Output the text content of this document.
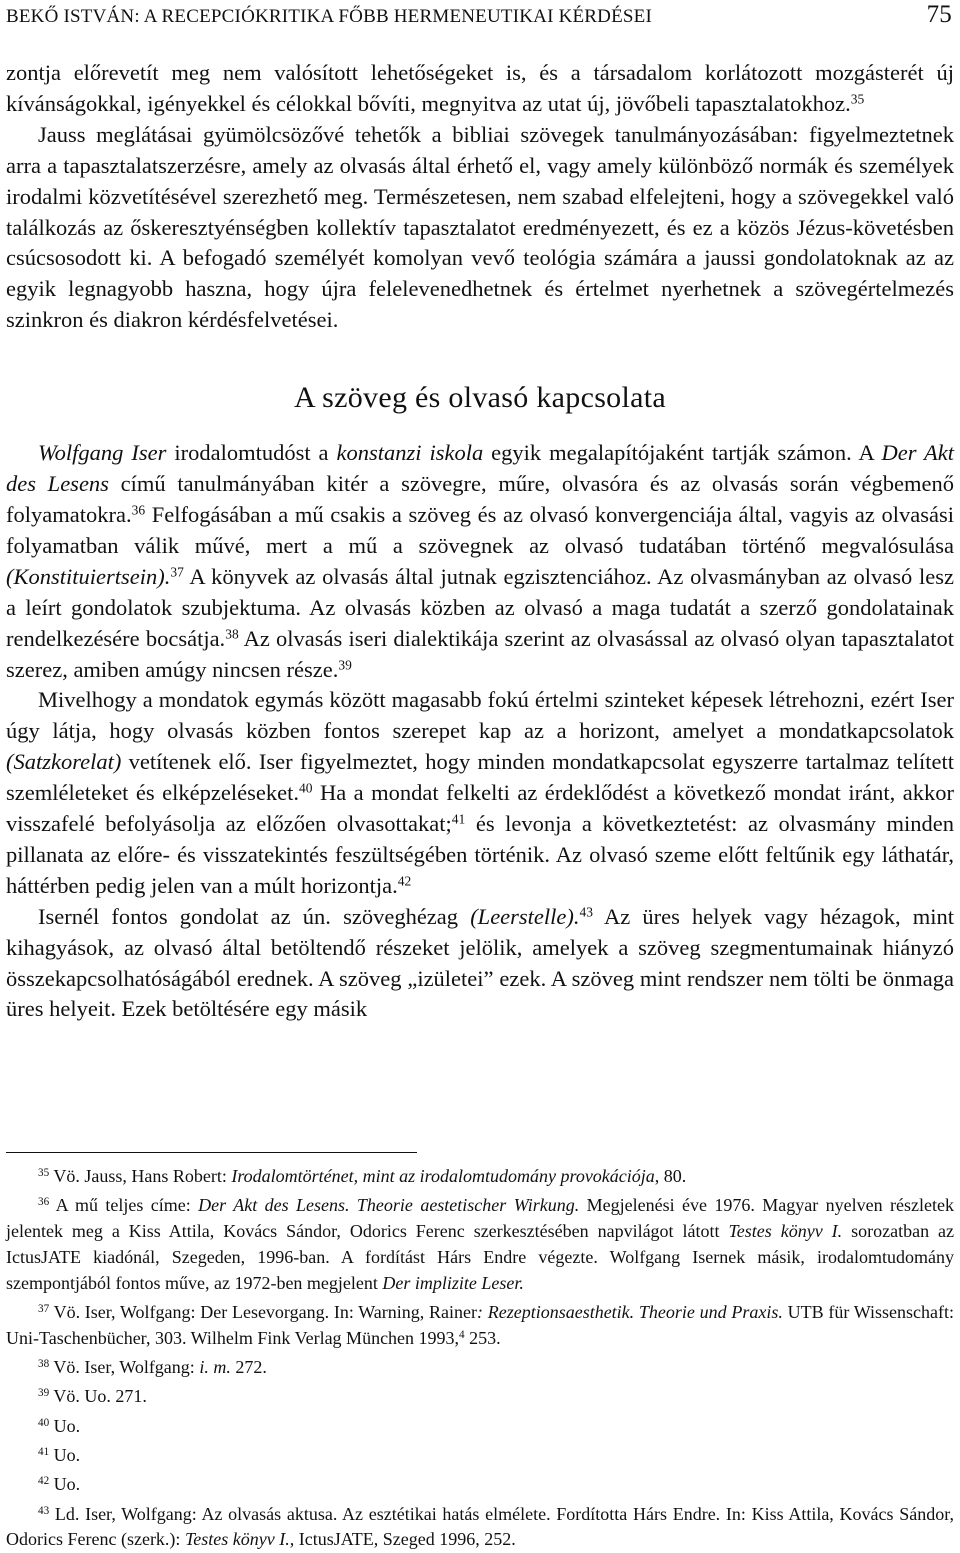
BEKŐ ISTVÁN: A RECEPCIÓKRITIKA FŐBB HERMENEUTIKAI KÉRDÉSEI	75

zontja előrevetít meg nem valósított lehetőségeket is, és a társadalom korlátozott mozgásterét új kívánságokkal, igényekkel és célokkal bővíti, megnyitva az utat új, jövőbeli tapasztalatokhoz.$^{35}$

Jauss meglátásai gyümölcsözővé tehetők a bibliai szövegek tanulmányozásában: figyelmeztetnek arra a tapasztalatszerzésre, amely az olvasás által érhető el, vagy amely különböző normák és személyek irodalmi közvetítésével szerezhető meg. Természetesen, nem szabad elfelejteni, hogy a szövegekkel való találkozás az őskeresztyénségben kollektív tapasztalatot eredményezett, és ez a közös Jézus-követésben csúcsosodott ki. A befogadó személyét komolyan vevő teológia számára a jaussi gondolatoknak az az egyik legnagyobb haszna, hogy újra felelevenedhetnek és értelmet nyerhetnek a szövegértelmezés szinkron és diakron kérdésfelvetései.

A szöveg és olvasó kapcsolata

Wolfgang Iser irodalomtudóst a konstanzi iskola egyik megalapítójaként tartják számon. A Der Akt des Lesens című tanulmányában kitér a szövegre, műre, olvasóra és az olvasás során végbemenő folyamatokra.$^{36}$ Felfogásában a mű csakis a szöveg és az olvasó konvergenciája által, vagyis az olvasási folyamatban válik művé, mert a mű a szövegnek az olvasó tudatában történő megvalósulása (Konstituiertsein).$^{37}$ A könyvek az olvasás által jutnak egzisztenciához. Az olvasmányban az olvasó lesz a leírt gondolatok szubjektuma. Az olvasás közben az olvasó a maga tudatát a szerző gondolatainak rendelkezésére bocsátja.$^{38}$ Az olvasás iseri dialektikája szerint az olvasással az olvasó olyan tapasztalatot szerez, amiben amúgy nincsen része.$^{39}$

Mivelhogy a mondatok egymás között magasabb fokú értelmi szinteket képesek létrehozni, ezért Iser úgy látja, hogy olvasás közben fontos szerepet kap az a horizont, amelyet a mondatkapcsolatok (Satzkorelat) vetítenek elő. Iser figyelmeztet, hogy minden mondatkapcsolat egyszerre tartalmaz telített szemléleteket és elképzeléseket.$^{40}$ Ha a mondat felkelti az érdeklődést a következő mondat iránt, akkor visszafelé befolyásolja az előzően olvasottakat;$^{41}$ és levonja a következtetést: az olvasmány minden pillanata az előre- és visszatekintés feszültségében történik. Az olvasó szeme előtt feltűnik egy láthatár, háttérben pedig jelen van a múlt horizontja.$^{42}$

Isernél fontos gondolat az ún. szöveghézag (Leerstelle).$^{43}$ Az üres helyek vagy hézagok, mint kihagyások, az olvasó által betöltendő részeket jelölik, amelyek a szöveg szegmentumainak hiányzó összekapcsolhatóságából erednek. A szöveg „izületei” ezek. A szöveg mint rendszer nem tölti be önmaga üres helyeit. Ezek betöltésére egy másik

$^{35}$ Vö. Jauss, Hans Robert: Irodalomtörténet, mint az irodalomtudomány provokációja, 80.

$^{36}$ A mű teljes címe: Der Akt des Lesens. Theorie aestetischer Wirkung. Megjelenési éve 1976. Magyar nyelven részletek jelentek meg a Kiss Attila, Kovács Sándor, Odorics Ferenc szerkesztésében napvilágot látott Testes könyv I. sorozatban az IctusJATE kiadónál, Szegeden, 1996-ban. A fordítást Hárs Endre végezte. Wolfgang Isernek másik, irodalomtudomány szempontjából fontos műve, az 1972-ben megjelent Der implizite Leser.

$^{37}$ Vö. Iser, Wolfgang: Der Lesevorgang. In: Warning, Rainer: Rezeptionsaesthetik. Theorie und Praxis. UTB für Wissenschaft: Uni-Taschenbücher, 303. Wilhelm Fink Verlag München 1993,$^4$ 253.

$^{38}$ Vö. Iser, Wolfgang: i. m. 272.

$^{39}$ Vö. Uo. 271.

$^{40}$ Uo.

$^{41}$ Uo.

$^{42}$ Uo.

$^{43}$ Ld. Iser, Wolfgang: Az olvasás aktusa. Az esztétikai hatás elmélete. Fordította Hárs Endre. In: Kiss Attila, Kovács Sándor, Odorics Ferenc (szerk.): Testes könyv I., IctusJATE, Szeged 1996, 252.
